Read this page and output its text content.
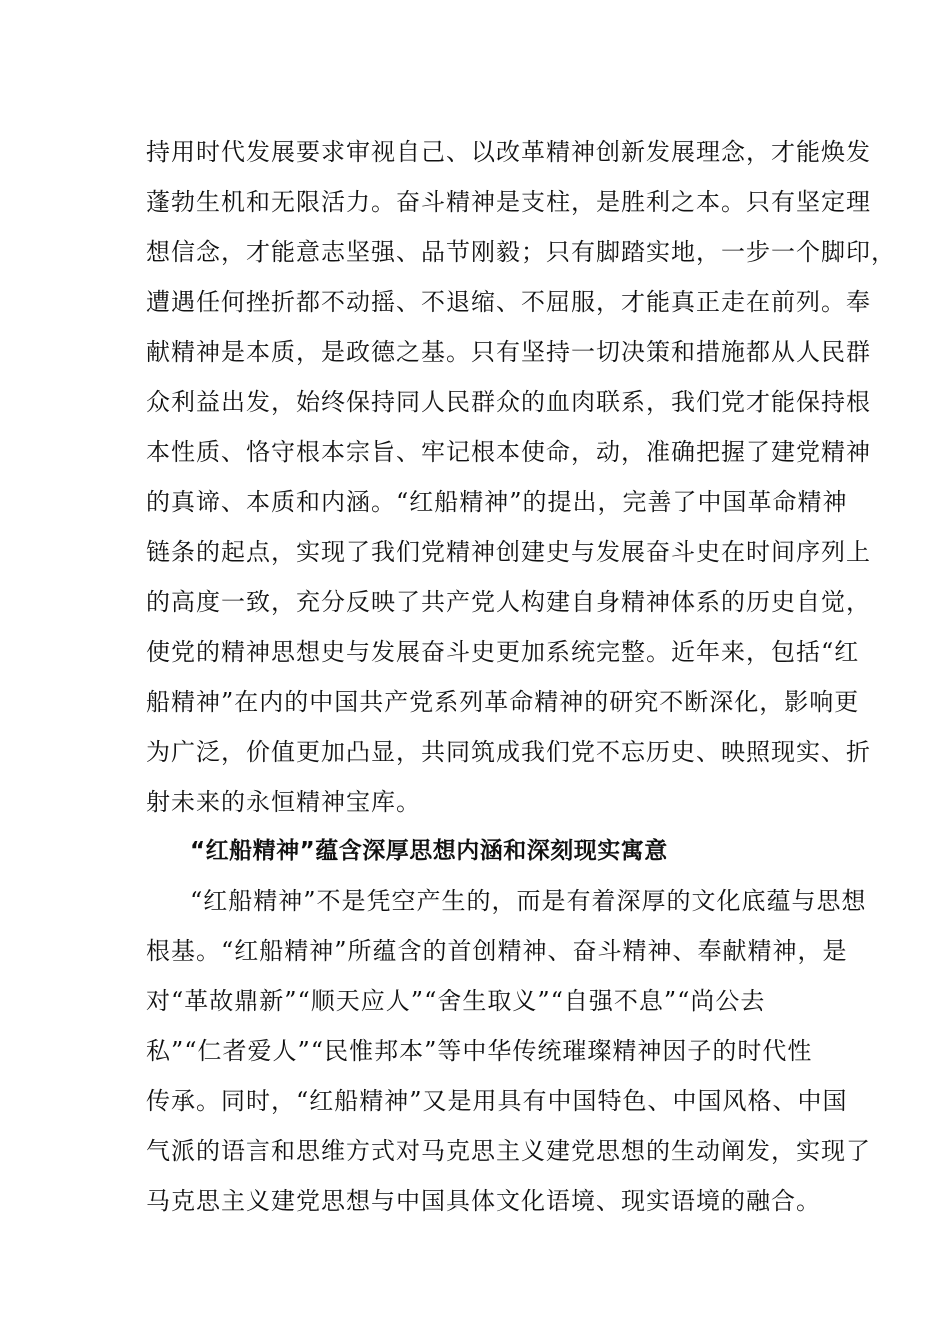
持用时代发展要求审视自己、以改革精神创新发展理念，才能焕发
蓬勃生机和无限活力。奋斗精神是支柱，是胜利之本。只有坚定理
想信念，才能意志坚强、品节刚毅；只有脚踏实地，一步一个脚印，
遭遇任何挫折都不动摇、不退缩、不屈服，才能真正走在前列。奉
献精神是本质，是政德之基。只有坚持一切决策和措施都从人民群
众利益出发，始终保持同人民群众的血肉联系，我们党才能保持根
本性质、恪守根本宗旨、牢记根本使命，动，准确把握了建党精神
的真谛、本质和内涵。“红船精神”的提出，完善了中国革命精神
链条的起点，实现了我们党精神创建史与发展奋斗史在时间序列上
的高度一致，充分反映了共产党人构建自身精神体系的历史自觉，
使党的精神思想史与发展奋斗史更加系统完整。近年来，包括“红
船精神”在内的中国共产党系列革命精神的研究不断深化，影响更
为广泛，价值更加凸显，共同筑成我们党不忘历史、映照现实、折
射未来的永恒精神宝库。
“红船精神”蕴含深厚思想内涵和深刻现实寓意
“红船精神”不是凭空产生的，而是有着深厚的文化底蕴与思想
根基。“红船精神”所蕴含的首创精神、奋斗精神、奉献精神，是
对“革故鼎新”“顺天应人”“舍生取义”“自强不息”“尚公去
私”“仁者爱人”“民惟邦本”等中华传统璀璨精神因子的时代性
传承。同时，“红船精神”又是用具有中国特色、中国风格、中国
气派的语言和思维方式对马克思主义建党思想的生动阐发，实现了
马克思主义建党思想与中国具体文化语境、现实语境的融合。
